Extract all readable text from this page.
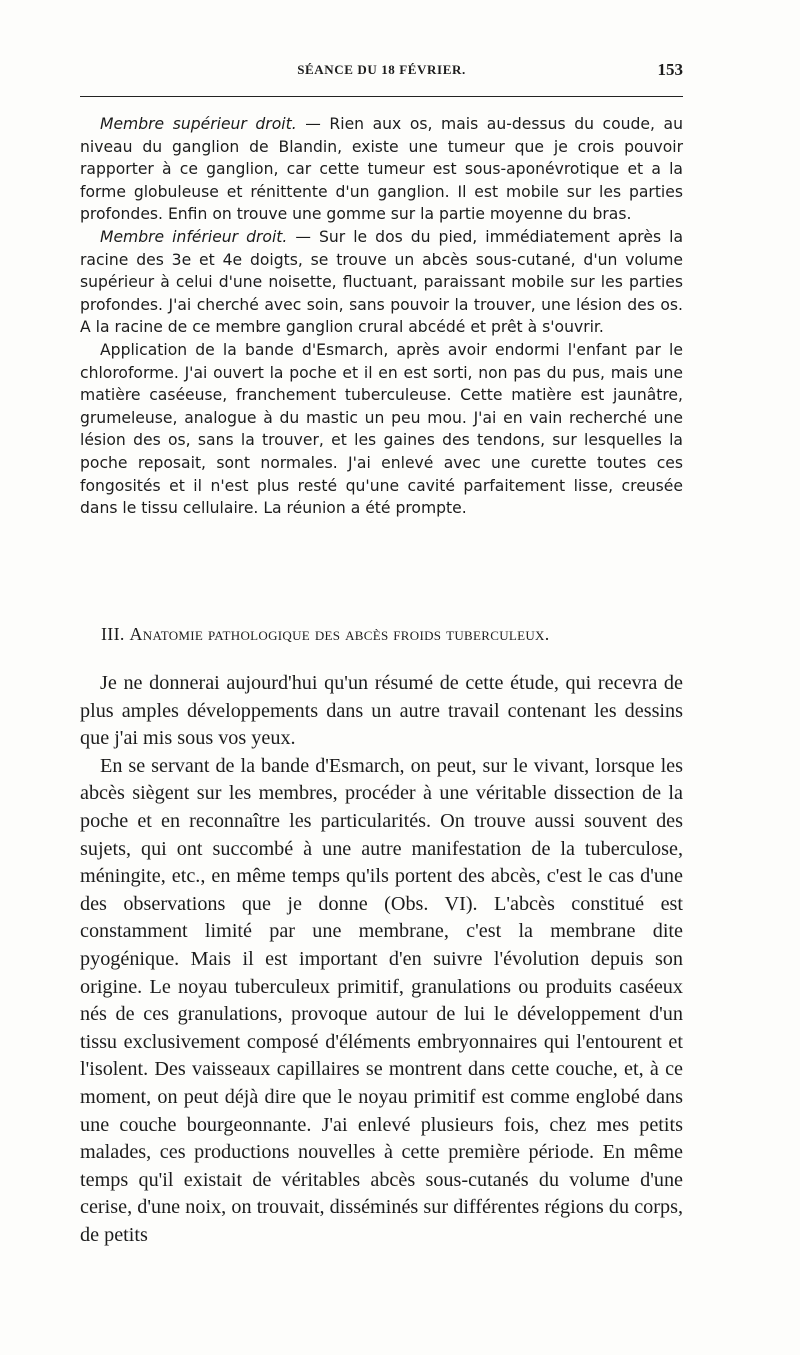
SÉANCE DU 18 FÉVRIER.	153

Membre supérieur droit. — Rien aux os, mais au-dessus du coude, au niveau du ganglion de Blandin, existe une tumeur que je crois pouvoir rapporter à ce ganglion, car cette tumeur est sous-aponévrotique et a la forme globuleuse et rénittente d'un ganglion. Il est mobile sur les parties profondes. Enfin on trouve une gomme sur la partie moyenne du bras.

Membre inférieur droit. — Sur le dos du pied, immédiatement après la racine des 3e et 4e doigts, se trouve un abcès sous-cutané, d'un volume supérieur à celui d'une noisette, fluctuant, paraissant mobile sur les parties profondes. J'ai cherché avec soin, sans pouvoir la trouver, une lésion des os. A la racine de ce membre ganglion crural abcédé et prêt à s'ouvrir.

Application de la bande d'Esmarch, après avoir endormi l'enfant par le chloroforme. J'ai ouvert la poche et il en est sorti, non pas du pus, mais une matière caséeuse, franchement tuberculeuse. Cette matière est jaunâtre, grumeleuse, analogue à du mastic un peu mou. J'ai en vain recherché une lésion des os, sans la trouver, et les gaines des tendons, sur lesquelles la poche reposait, sont normales. J'ai enlevé avec une curette toutes ces fongosités et il n'est plus resté qu'une cavité parfaitement lisse, creusée dans le tissu cellulaire. La réunion a été prompte.

III. Anatomie pathologique des abcès froids tuberculeux.

Je ne donnerai aujourd'hui qu'un résumé de cette étude, qui recevra de plus amples développements dans un autre travail contenant les dessins que j'ai mis sous vos yeux.

En se servant de la bande d'Esmarch, on peut, sur le vivant, lorsque les abcès siègent sur les membres, procéder à une véritable dissection de la poche et en reconnaître les particularités. On trouve aussi souvent des sujets, qui ont succombé à une autre manifestation de la tuberculose, méningite, etc., en même temps qu'ils portent des abcès, c'est le cas d'une des observations que je donne (Obs. VI). L'abcès constitué est constamment limité par une membrane, c'est la membrane dite pyogénique. Mais il est important d'en suivre l'évolution depuis son origine. Le noyau tuberculeux primitif, granulations ou produits caséeux nés de ces granulations, provoque autour de lui le développement d'un tissu exclusivement composé d'éléments embryonnaires qui l'entourent et l'isolent. Des vaisseaux capillaires se montrent dans cette couche, et, à ce moment, on peut déjà dire que le noyau primitif est comme englobé dans une couche bourgeonnante. J'ai enlevé plusieurs fois, chez mes petits malades, ces productions nouvelles à cette première période. En même temps qu'il existait de véritables abcès sous-cutanés du volume d'une cerise, d'une noix, on trouvait, disséminés sur différentes régions du corps, de petits
